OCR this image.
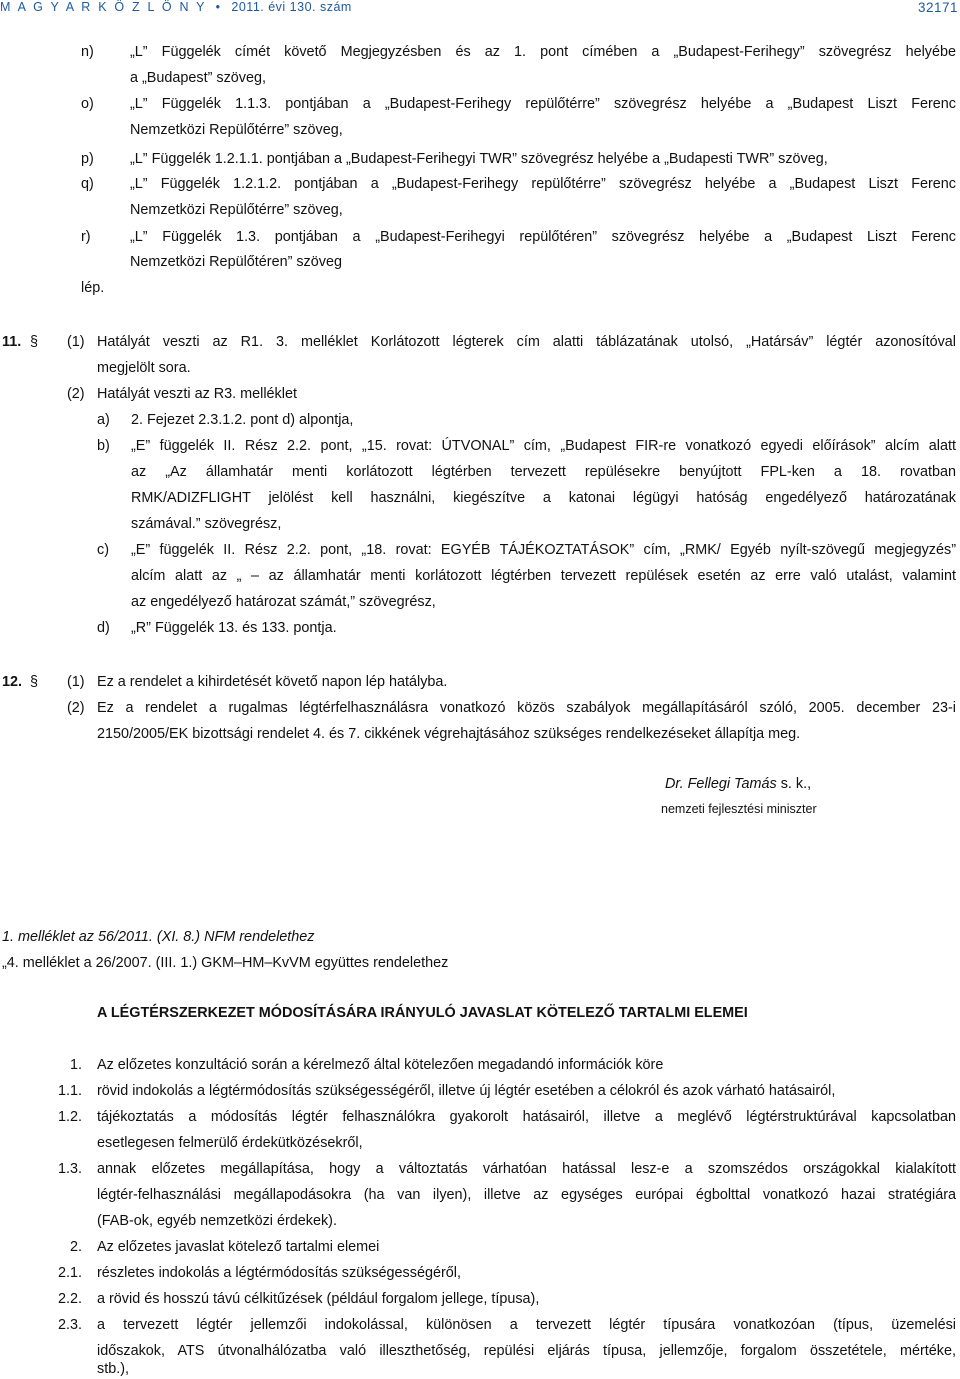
M A G Y A R K Ö Z L Ö N Y • 2011. évi 130. szám	32171
n)	„L” Függelék címét követő Megjegyzésben és az 1. pont címében a „Budapest-Ferihegy” szövegrész helyébe
a „Budapest” szöveg,
o)	„L” Függelék 1.1.3. pontjában a „Budapest-Ferihegy repülőtérre” szövegrész helyébe a „Budapest Liszt Ferenc
Nemzetközi Repülőtérre” szöveg,
p)	„L” Függelék 1.2.1.1. pontjában a „Budapest-Ferihegyi TWR” szövegrész helyébe a „Budapesti TWR” szöveg,
q)	„L” Függelék 1.2.1.2. pontjában a „Budapest-Ferihegy repülőtérre” szövegrész helyébe a „Budapest Liszt Ferenc
Nemzetközi Repülőtérre” szöveg,
r)	„L” Függelék 1.3. pontjában a „Budapest-Ferihegyi repülőtéren” szövegrész helyébe a „Budapest Liszt Ferenc
Nemzetközi Repülőtéren” szöveg
lép.
11. § (1) Hatályát veszti az R1. 3. melléklet Korlátozott légterek cím alatti táblázatának utolsó, „Határsáv” légtér azonosítóval
megjelölt sora.
(2) Hatályát veszti az R3. melléklet
a) 2. Fejezet 2.3.1.2. pont d) alpontja,
b) „E” függelék II. Rész 2.2. pont, „15. rovat: ÚTVONAL” cím, „Budapest FIR-re vonatkozó egyedi előírások” alcím alatt
az „Az államhatár menti korlátozott légtérben tervezett repülésekre benyújtott FPL-ken a 18. rovatban
RMK/ADIZFLIGHT jelölést kell használni, kiegészítve a katonai légügyi hatóság engedélyező határozatának
számával.” szövegrész,
c) „E” függelék II. Rész 2.2. pont, „18. rovat: EGYÉB TÁJÉKOZTATÁSOK” cím, „RMK/ Egyéb nyílt-szövegű megjegyzés”
alcím alatt az „ – az államhatár menti korlátozott légtérben tervezett repülések esetén az erre való utalást, valamint
az engedélyező határozat számát,” szövegrész,
d) „R” Függelék 13. és 133. pontja.
12. § (1) Ez a rendelet a kihirdetését követő napon lép hatályba.
(2) Ez a rendelet a rugalmas légtérfelhasználásra vonatkozó közös szabályok megállapításáról szóló, 2005. december 23-i
2150/2005/EK bizottsági rendelet 4. és 7. cikkének végrehajtásához szükséges rendelkezéseket állapítja meg.
Dr. Fellegi Tamás s. k.,
nemzeti fejlesztési miniszter
1. melléklet az 56/2011. (XI. 8.) NFM rendelethez
„4. melléklet a 26/2007. (III. 1.) GKM–HM–KvVM együttes rendelethez
A LÉGTÉRSZERKEZET MÓDOSÍTÁSÁRA IRÁNYULÓ JAVASLAT KÖTELEZŐ TARTALMI ELEMEI
1. Az előzetes konzultáció során a kérelmező által kötelezően megadandó információk köre
1.1. rövid indokolás a légtérmódosítás szükségességéről, illetve új légtér esetében a célokról és azok várható hatásairól,
1.2. tájékoztatás a módosítás légtér felhasználókra gyakorolt hatásairól, illetve a meglévő légtérstruktúrával kapcsolatban
esetlegesen felmerülő érdekütközésekről,
1.3. annak előzetes megállapítása, hogy a változtatás várhatóan hatással lesz-e a szomszédos országokkal kialakított
légtér-felhasználási megállapodásokra (ha van ilyen), illetve az egységes európai égbolttal vonatkozó hazai stratégiára
(FAB-ok, egyéb nemzetközi érdekek).
2. Az előzetes javaslat kötelező tartalmi elemei
2.1. részletes indokolás a légtérmódosítás szükségességéről,
2.2. a rövid és hosszú távú célkitűzések (például forgalom jellege, típusa),
2.3. a tervezett légtér jellemzői indokolással, különösen a tervezett légtér típusára vonatkozóan (típus, üzemelési
időszakok, ATS útvonalhálózatba való illeszthetőség, repülési eljárás típusa, jellemzője, forgalom összetétele, mértéke,
stb.),
